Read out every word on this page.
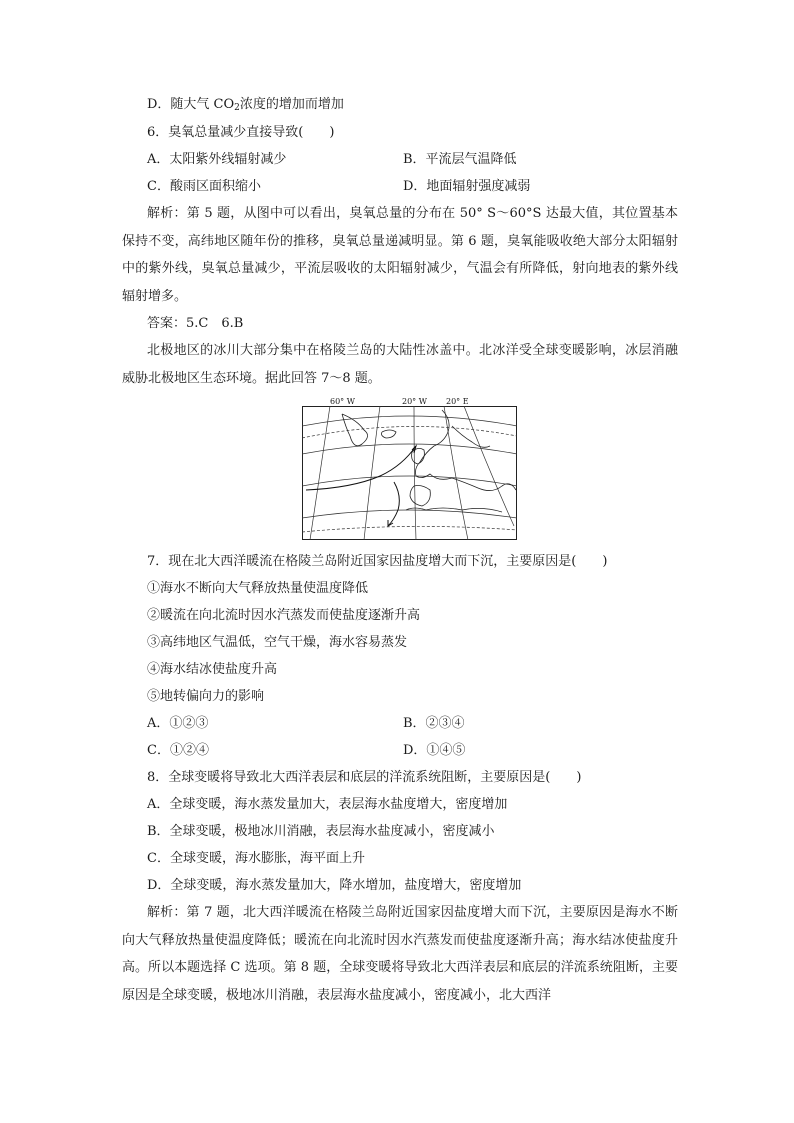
D．随大气 $CO_2$浓度的增加而增加
6．臭氧总量减少直接导致(　　)
A．太阳紫外线辐射减少	B．平流层气温降低
C．酸雨区面积缩小	D．地面辐射强度减弱
解析：第 5 题，从图中可以看出，臭氧总量的分布在 50° S～60°S 达最大值，其位置基本保持不变，高纬地区随年份的推移，臭氧总量递减明显。第 6 题，臭氧能吸收绝大部分太阳辐射中的紫外线，臭氧总量减少，平流层吸收的太阳辐射减少，气温会有所降低，射向地表的紫外线辐射增多。
答案：5.C　6.B
北极地区的冰川大部分集中在格陵兰岛的大陆性冰盖中。北冰洋受全球变暖影响，冰层消融威胁北极地区生态环境。据此回答 7～8 题。
60° W	20° W 20° E
7．现在北大西洋暖流在格陵兰岛附近国家因盐度增大而下沉，主要原因是(　　)
①海水不断向大气释放热量使温度降低
②暖流在向北流时因水汽蒸发而使盐度逐渐升高
③高纬地区气温低，空气干燥，海水容易蒸发
④海水结冰使盐度升高
⑤地转偏向力的影响
A．①②③	B．②③④
C．①②④	D．①④⑤
8．全球变暖将导致北大西洋表层和底层的洋流系统阻断，主要原因是(　　)
A．全球变暖，海水蒸发量加大，表层海水盐度增大，密度增加
B．全球变暖，极地冰川消融，表层海水盐度减小，密度减小
C．全球变暖，海水膨胀，海平面上升
D．全球变暖，海水蒸发量加大，降水增加，盐度增大，密度增加
解析：第 7 题，北大西洋暖流在格陵兰岛附近国家因盐度增大而下沉，主要原因是海水不断向大气释放热量使温度降低；暖流在向北流时因水汽蒸发而使盐度逐渐升高；海水结冰使盐度升高。所以本题选择 C 选项。第 8 题，全球变暖将导致北大西洋表层和底层的洋流系统阻断，主要原因是全球变暖，极地冰川消融，表层海水盐度减小，密度减小，北大西洋
